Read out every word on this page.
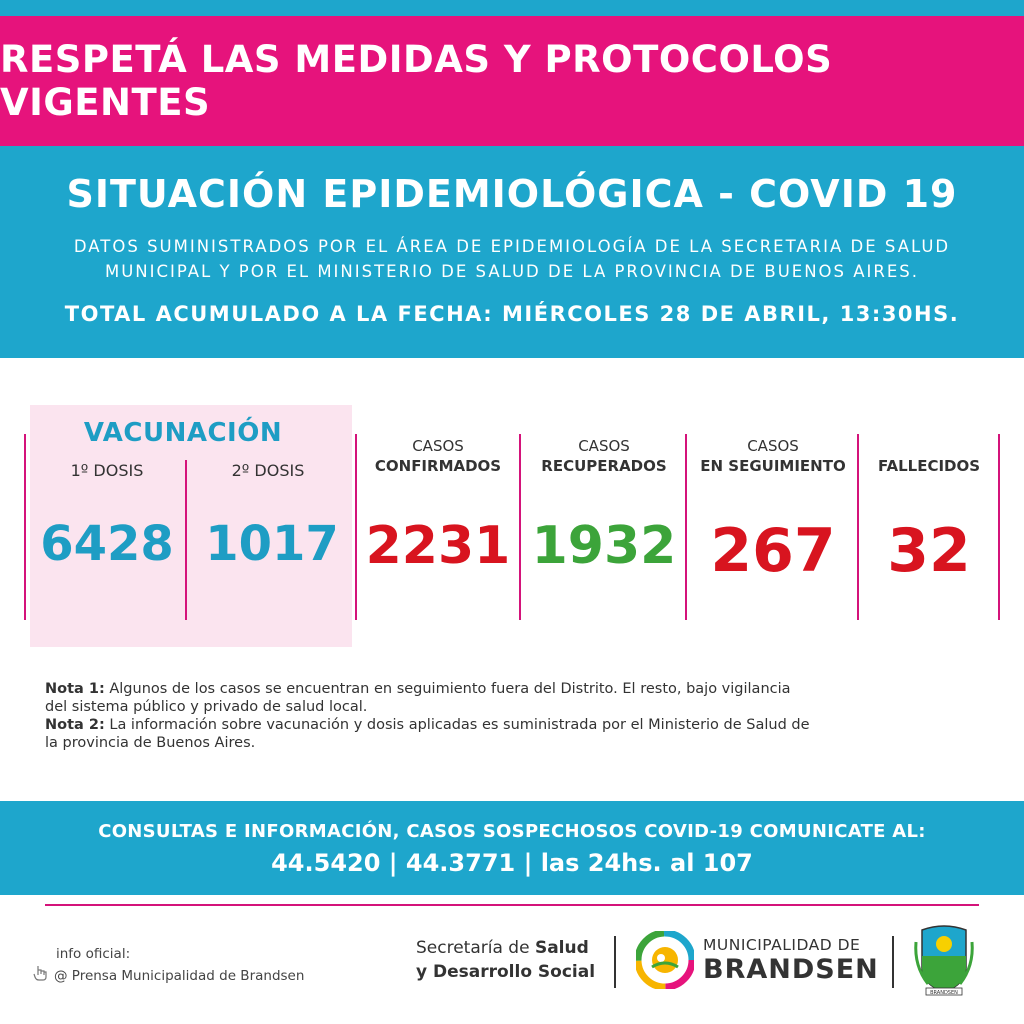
RESPETÁ LAS MEDIDAS Y PROTOCOLOS VIGENTES
SITUACIÓN EPIDEMIOLÓGICA - COVID 19
DATOS SUMINISTRADOS POR EL ÁREA DE EPIDEMIOLOGÍA DE LA SECRETARIA DE SALUD
MUNICIPAL Y POR EL MINISTERIO DE SALUD DE LA PROVINCIA DE BUENOS AIRES.
TOTAL ACUMULADO A LA FECHA: MIÉRCOLES 28 DE ABRIL, 13:30HS.
VACUNACIÓN
1º DOSIS	2º DOSIS
6428 1017
CASOS
CONFIRMADOS
2231
CASOS
RECUPERADOS
1932
CASOS
EN SEGUIMIENTO
267
FALLECIDOS
32

Nota 1: Algunos de los casos se encuentran en seguimiento fuera del Distrito. El resto, bajo vigilancia

del sistema público y privado de salud local.

Nota 2: La información sobre vacunación y dosis aplicadas es suministrada por el Ministerio de Salud de

la provincia de Buenos Aires.

CONSULTAS E INFORMACIÓN, CASOS SOSPECHOSOS COVID-19 COMUNICATE AL:
44.5420 | 44.3771 | las 24hs. al 107
info oficial:
@ Prensa Municipalidad de Brandsen
Secretaría de Salud
y Desarrollo Social
MUNICIPALIDAD DE
BRANDSEN
BRANDSEN
